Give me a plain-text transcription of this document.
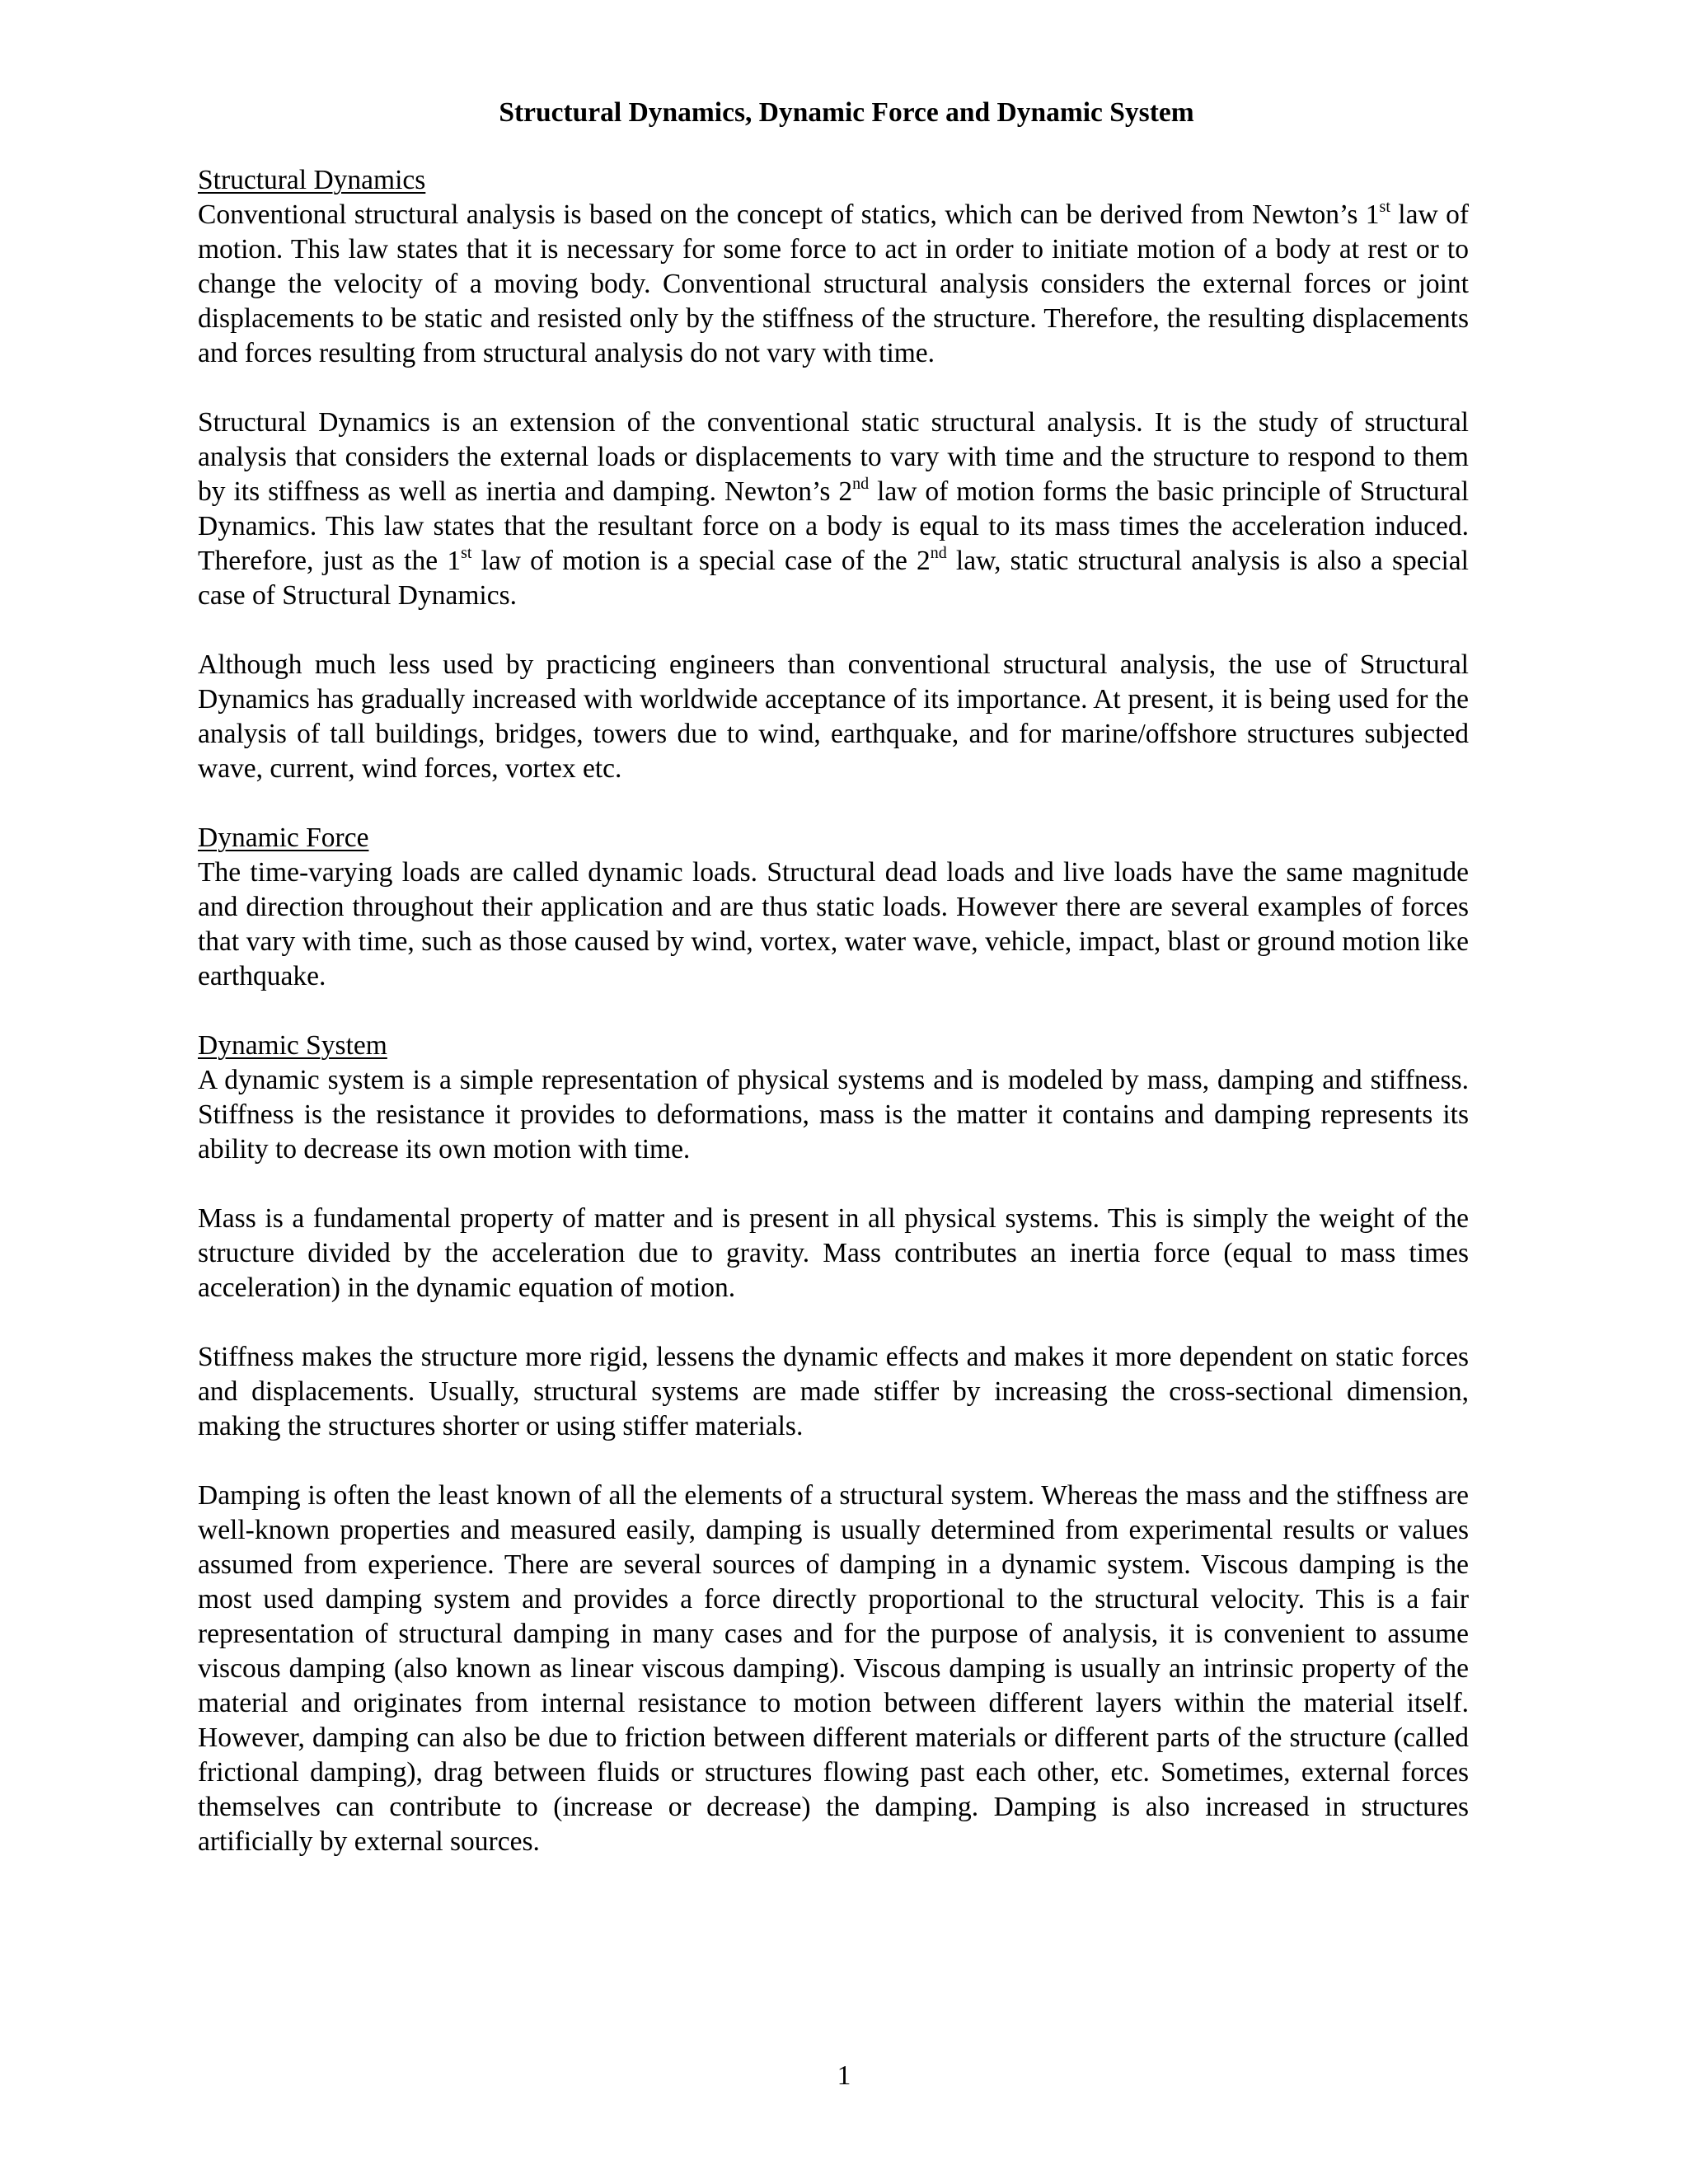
Structural Dynamics, Dynamic Force and Dynamic System

Structural Dynamics

Conventional structural analysis is based on the concept of statics, which can be derived from Newton’s 1st law of motion. This law states that it is necessary for some force to act in order to initiate motion of a body at rest or to change the velocity of a moving body. Conventional structural analysis considers the external forces or joint displacements to be static and resisted only by the stiffness of the structure. Therefore, the resulting displacements and forces resulting from structural analysis do not vary with time.

Structural Dynamics is an extension of the conventional static structural analysis. It is the study of structural analysis that considers the external loads or displacements to vary with time and the structure to respond to them by its stiffness as well as inertia and damping. Newton’s 2nd law of motion forms the basic principle of Structural Dynamics. This law states that the resultant force on a body is equal to its mass times the acceleration induced. Therefore, just as the 1st law of motion is a special case of the 2nd law, static structural analysis is also a special case of Structural Dynamics.

Although much less used by practicing engineers than conventional structural analysis, the use of Structural Dynamics has gradually increased with worldwide acceptance of its importance. At present, it is being used for the analysis of tall buildings, bridges, towers due to wind, earthquake, and for marine/offshore structures subjected wave, current, wind forces, vortex etc.

Dynamic Force

The time-varying loads are called dynamic loads. Structural dead loads and live loads have the same magnitude and direction throughout their application and are thus static loads. However there are several examples of forces that vary with time, such as those caused by wind, vortex, water wave, vehicle, impact, blast or ground motion like earthquake.

Dynamic System

A dynamic system is a simple representation of physical systems and is modeled by mass, damping and stiffness. Stiffness is the resistance it provides to deformations, mass is the matter it contains and damping represents its ability to decrease its own motion with time.

Mass is a fundamental property of matter and is present in all physical systems. This is simply the weight of the structure divided by the acceleration due to gravity. Mass contributes an inertia force (equal to mass times acceleration) in the dynamic equation of motion.

Stiffness makes the structure more rigid, lessens the dynamic effects and makes it more dependent on static forces and displacements. Usually, structural systems are made stiffer by increasing the cross-sectional dimension, making the structures shorter or using stiffer materials.

Damping is often the least known of all the elements of a structural system. Whereas the mass and the stiffness are well-known properties and measured easily, damping is usually determined from experimental results or values assumed from experience. There are several sources of damping in a dynamic system. Viscous damping is the most used damping system and provides a force directly proportional to the structural velocity. This is a fair representation of structural damping in many cases and for the purpose of analysis, it is convenient to assume viscous damping (also known as linear viscous damping). Viscous damping is usually an intrinsic property of the material and originates from internal resistance to motion between different layers within the material itself. However, damping can also be due to friction between different materials or different parts of the structure (called frictional damping), drag between fluids or structures flowing past each other, etc. Sometimes, external forces themselves can contribute to (increase or decrease) the damping. Damping is also increased in structures artificially by external sources.

1
